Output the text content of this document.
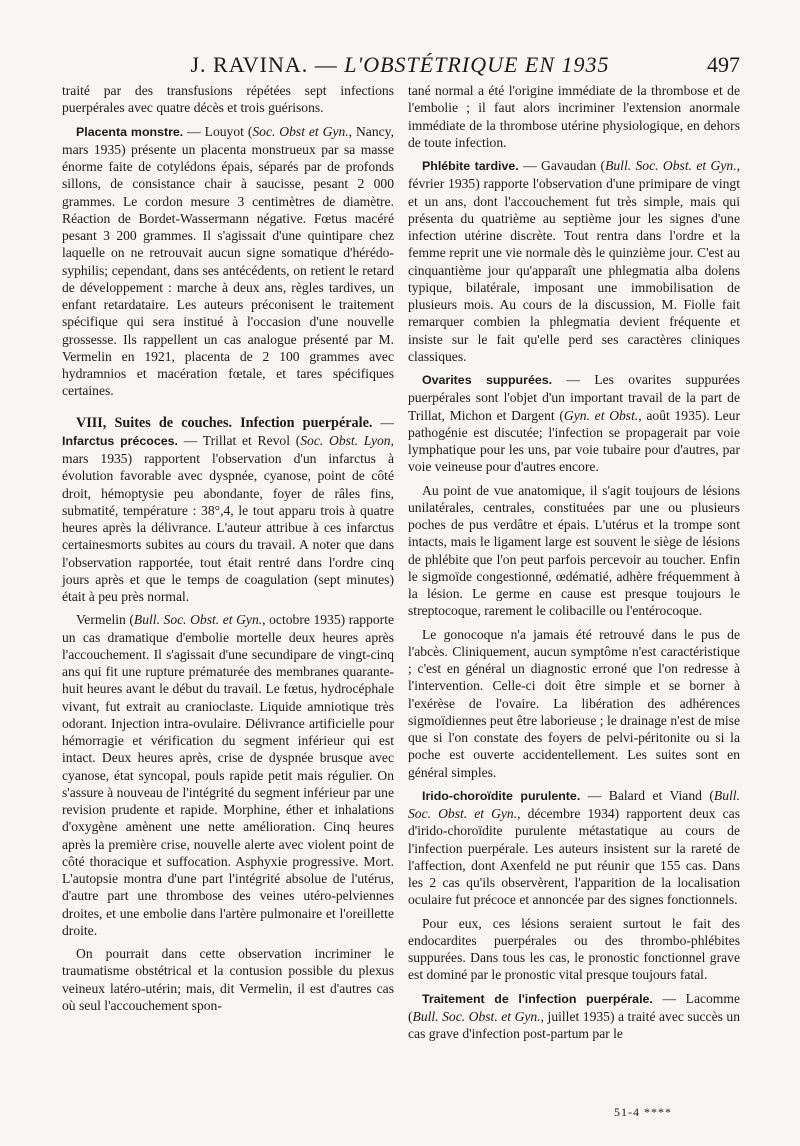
J. RAVINA. — L'OBSTÉTRIQUE EN 1935	497

traité par des transfusions répétées sept infections puerpérales avec quatre décès et trois guérisons.

Placenta monstre. — Louyot (Soc. Obst et Gyn., Nancy, mars 1935) présente un placenta monstrueux par sa masse énorme faite de cotylédons épais, séparés par de profonds sillons, de consistance chair à saucisse, pesant 2 000 grammes. Le cordon mesure 3 centimètres de diamètre. Réaction de Bordet-Wassermann négative. Fœtus macéré pesant 3 200 grammes. Il s'agissait d'une quintipare chez laquelle on ne retrouvait aucun signe somatique d'hérédo-syphilis; cependant, dans ses antécédents, on retient le retard de développement : marche à deux ans, règles tardives, un enfant retardataire. Les auteurs préconisent le traitement spécifique qui sera institué à l'occasion d'une nouvelle grossesse. Ils rappellent un cas analogue présenté par M. Vermelin en 1921, placenta de 2 100 grammes avec hydramnios et macération fœtale, et tares spécifiques certaines.

VIII, Suites de couches. Infection puerpérale. — Infarctus précoces. — Trillat et Revol (Soc. Obst. Lyon, mars 1935) rapportent l'observation d'un infarctus à évolution favorable avec dyspnée, cyanose, point de côté droit, hémoptysie peu abondante, foyer de râles fins, submatité, température : 38°,4, le tout apparu trois à quatre heures après la délivrance. L'auteur attribue à ces infarctus certainesmorts subites au cours du travail. A noter que dans l'observation rapportée, tout était rentré dans l'ordre cinq jours après et que le temps de coagulation (sept minutes) était à peu près normal.

Vermelin (Bull. Soc. Obst. et Gyn., octobre 1935) rapporte un cas dramatique d'embolie mortelle deux heures après l'accouchement. Il s'agissait d'une secundipare de vingt-cinq ans qui fit une rupture prématurée des membranes quarante-huit heures avant le début du travail. Le fœtus, hydrocéphale vivant, fut extrait au cranioclaste. Liquide amniotique très odorant. Injection intra-ovulaire. Délivrance artificielle pour hémorragie et vérification du segment inférieur qui est intact. Deux heures après, crise de dyspnée brusque avec cyanose, état syncopal, pouls rapide petit mais régulier. On s'assure à nouveau de l'intégrité du segment inférieur par une revision prudente et rapide. Morphine, éther et inhalations d'oxygène amènent une nette amélioration. Cinq heures après la première crise, nouvelle alerte avec violent point de côté thoracique et suffocation. Asphyxie progressive. Mort. L'autopsie montra d'une part l'intégrité absolue de l'utérus, d'autre part une thrombose des veines utéro-pelviennes droites, et une embolie dans l'artère pulmonaire et l'oreillette droite.

On pourrait dans cette observation incriminer le traumatisme obstétrical et la contusion possible du plexus veineux latéro-utérin; mais, dit Vermelin, il est d'autres cas où seul l'accouchement spon-

tané normal a été l'origine immédiate de la thrombose et de l'embolie ; il faut alors incriminer l'extension anormale immédiate de la thrombose utérine physiologique, en dehors de toute infection.

Phlébite tardive. — Gavaudan (Bull. Soc. Obst. et Gyn., février 1935) rapporte l'observation d'une primipare de vingt et un ans, dont l'accouchement fut très simple, mais qui présenta du quatrième au septième jour les signes d'une infection utérine discrète. Tout rentra dans l'ordre et la femme reprit une vie normale dès le quinzième jour. C'est au cinquantième jour qu'apparaît une phlegmatia alba dolens typique, bilatérale, imposant une immobilisation de plusieurs mois. Au cours de la discussion, M. Fiolle fait remarquer combien la phlegmatia devient fréquente et insiste sur le fait qu'elle perd ses caractères cliniques classiques.

Ovarites suppurées. — Les ovarites suppurées puerpérales sont l'objet d'un important travail de la part de Trillat, Michon et Dargent (Gyn. et Obst., août 1935). Leur pathogénie est discutée; l'infection se propagerait par voie lymphatique pour les uns, par voie tubaire pour d'autres, par voie veineuse pour d'autres encore.

Au point de vue anatomique, il s'agit toujours de lésions unilatérales, centrales, constituées par une ou plusieurs poches de pus verdâtre et épais. L'utérus et la trompe sont intacts, mais le ligament large est souvent le siège de lésions de phlébite que l'on peut parfois percevoir au toucher. Enfin le sigmoïde congestionné, œdématié, adhère fréquemment à la lésion. Le germe en cause est presque toujours le streptocoque, rarement le colibacille ou l'entérocoque.

Le gonocoque n'a jamais été retrouvé dans le pus de l'abcès. Cliniquement, aucun symptôme n'est caractéristique ; c'est en général un diagnostic erroné que l'on redresse à l'intervention. Celle-ci doit être simple et se borner à l'exérèse de l'ovaire. La libération des adhérences sigmoïdiennes peut être laborieuse ; le drainage n'est de mise que si l'on constate des foyers de pelvi-péritonite ou si la poche est ouverte accidentellement. Les suites sont en général simples.

Irido-choroïdite purulente. — Balard et Viand (Bull. Soc. Obst. et Gyn., décembre 1934) rapportent deux cas d'irido-choroïdite purulente métastatique au cours de l'infection puerpérale. Les auteurs insistent sur la rareté de l'affection, dont Axenfeld ne put réunir que 155 cas. Dans les 2 cas qu'ils observèrent, l'apparition de la localisation oculaire fut précoce et annoncée par des signes fonctionnels.

Pour eux, ces lésions seraient surtout le fait des endocardites puerpérales ou des thrombo-phlébites suppurées. Dans tous les cas, le pronostic fonctionnel grave est dominé par le pronostic vital presque toujours fatal.

Traitement de l'infection puerpérale. — Lacomme (Bull. Soc. Obst. et Gyn., juillet 1935) a traité avec succès un cas grave d'infection post-partum par le

51-4 ****
